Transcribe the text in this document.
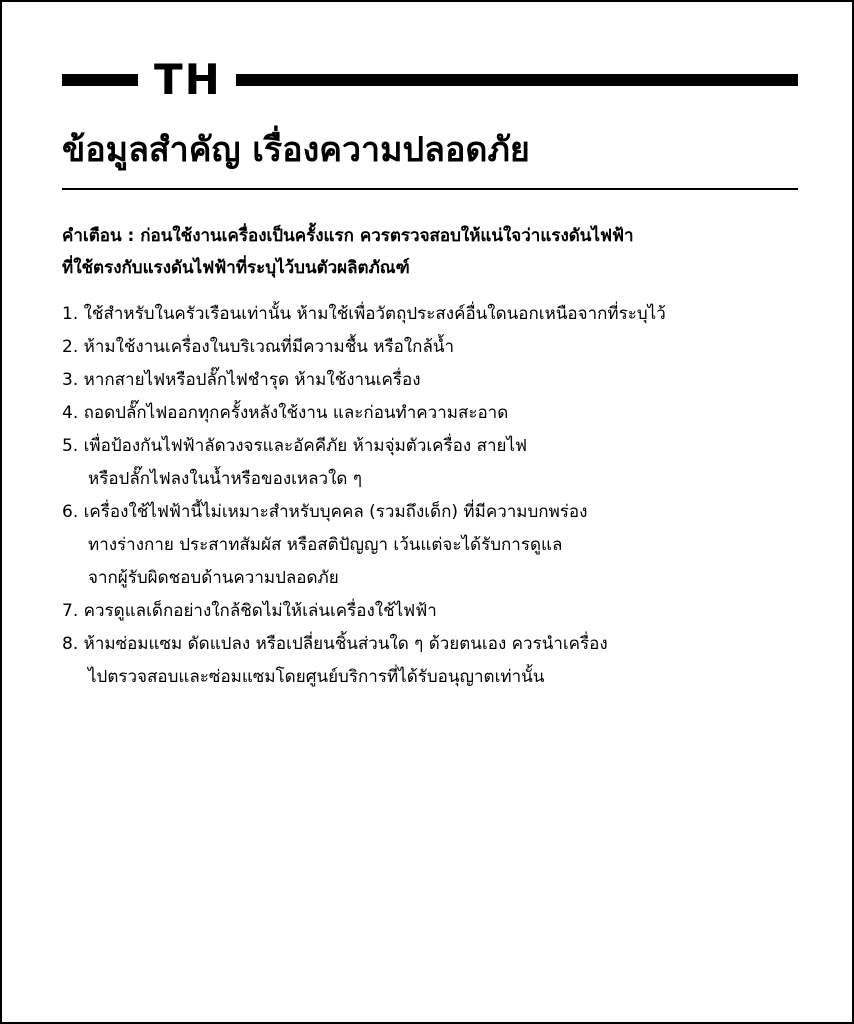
TH
ข้อมูลสำคัญ เรื่องความปลอดภัย
คำเตือน : ก่อนใช้งานเครื่องเป็นครั้งแรก ควรตรวจสอบให้แน่ใจว่าแรงดันไฟฟ้า
ที่ใช้ตรงกับแรงดันไฟฟ้าที่ระบุไว้บนตัวผลิตภัณฑ์
1. ใช้สำหรับในครัวเรือนเท่านั้น ห้ามใช้เพื่อวัตถุประสงค์อื่นใดนอกเหนือจากที่ระบุไว้
2. ห้ามใช้งานเครื่องในบริเวณที่มีความชื้น หรือใกล้น้ำ
3. หากสายไฟหรือปลั๊กไฟชำรุด ห้ามใช้งานเครื่อง
4. ถอดปลั๊กไฟออกทุกครั้งหลังใช้งาน และก่อนทำความสะอาด
5. เพื่อป้องกันไฟฟ้าลัดวงจรและอัคคีภัย ห้ามจุ่มตัวเครื่อง สายไฟ
หรือปลั๊กไฟลงในน้ำหรือของเหลวใด ๆ
6. เครื่องใช้ไฟฟ้านี้ไม่เหมาะสำหรับบุคคล (รวมถึงเด็ก) ที่มีความบกพร่อง
ทางร่างกาย ประสาทสัมผัส หรือสติปัญญา เว้นแต่จะได้รับการดูแล
จากผู้รับผิดชอบด้านความปลอดภัย
7. ควรดูแลเด็กอย่างใกล้ชิดไม่ให้เล่นเครื่องใช้ไฟฟ้า
8. ห้ามซ่อมแซม ดัดแปลง หรือเปลี่ยนชิ้นส่วนใด ๆ ด้วยตนเอง ควรนำเครื่อง
ไปตรวจสอบและซ่อมแซมโดยศูนย์บริการที่ได้รับอนุญาตเท่านั้น
